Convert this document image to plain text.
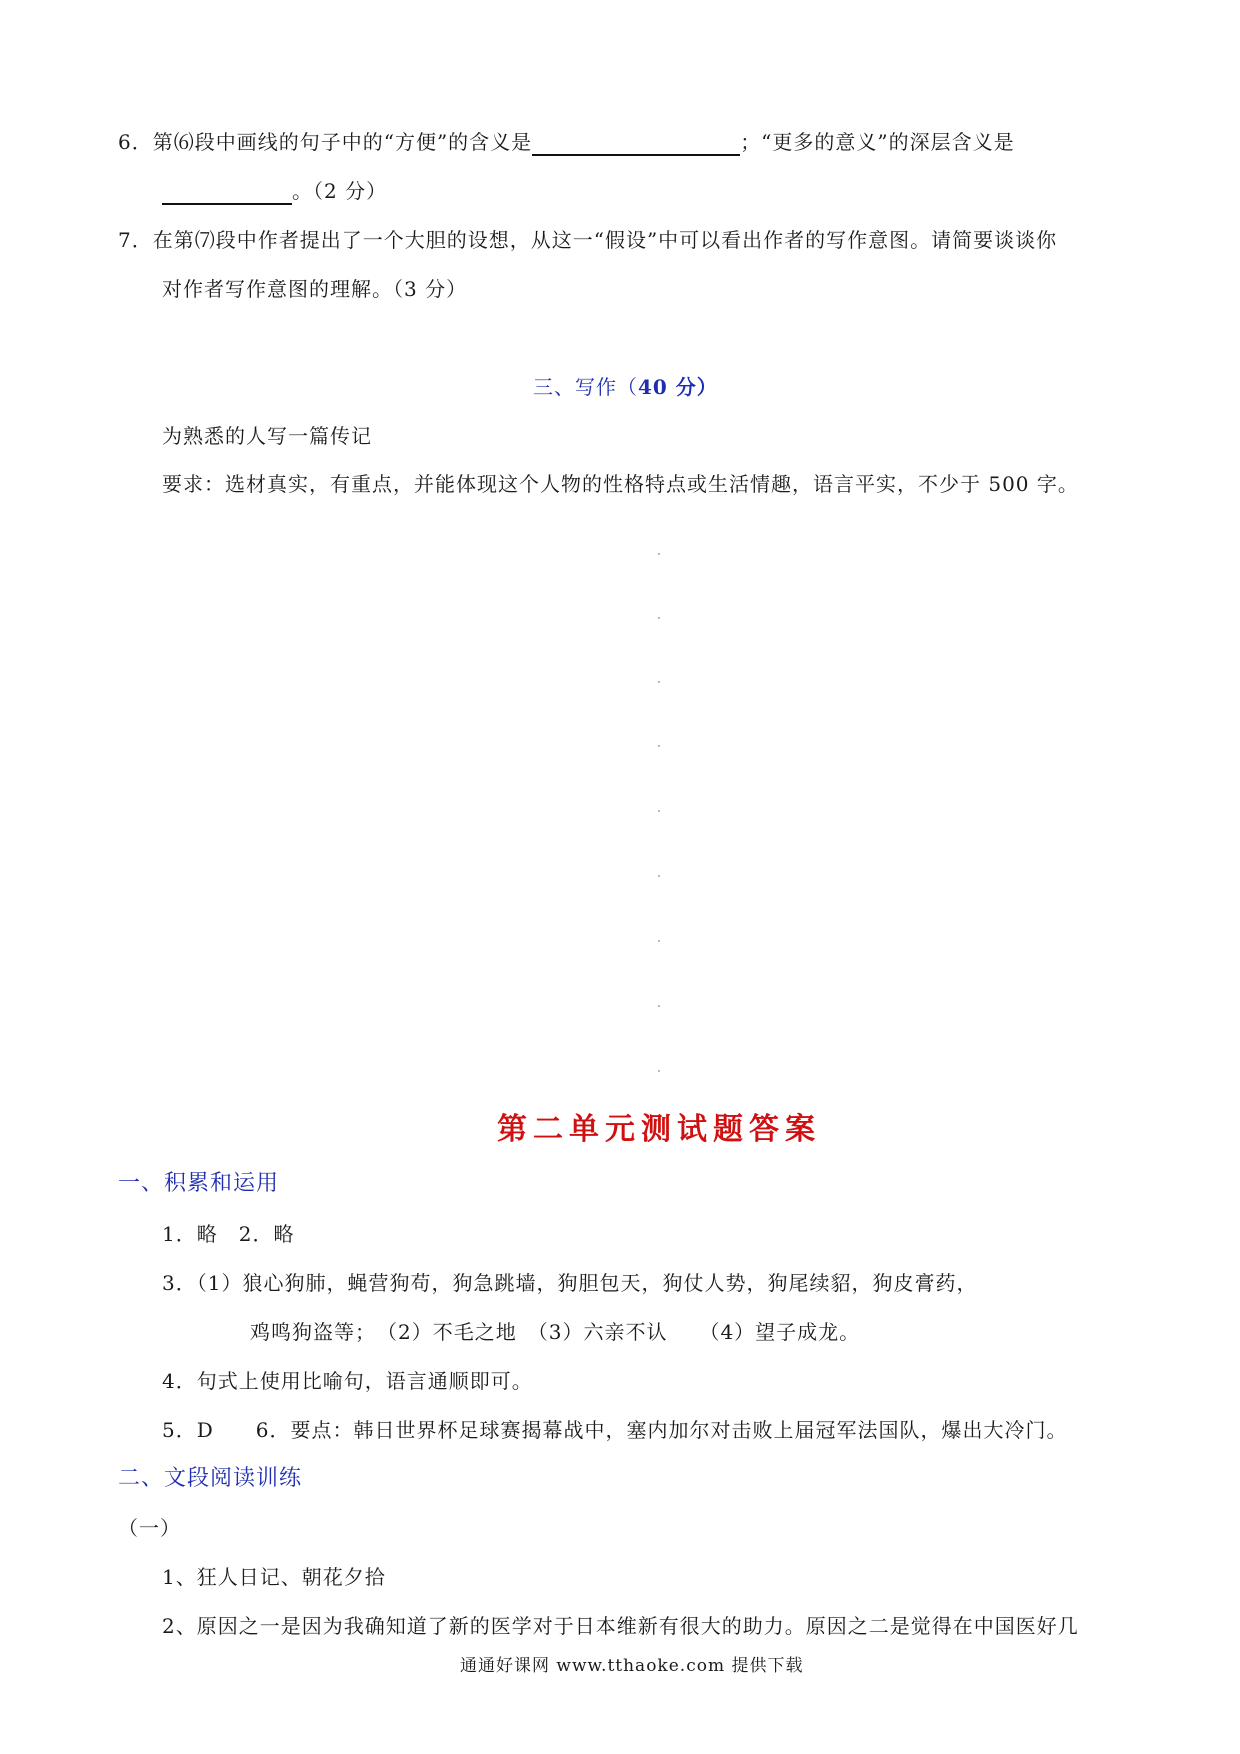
6．第⑹段中画线的句子中的“方便”的含义是	；“更多的意义”的深层含义是
。（2 分）
7．在第⑺段中作者提出了一个大胆的设想，从这一“假设”中可以看出作者的写作意图。请简要谈谈你
对作者写作意图的理解。（3 分）
三、写作（40 分）
为熟悉的人写一篇传记
要求：选材真实，有重点，并能体现这个人物的性格特点或生活情趣，语言平实，不少于 500 字。
第二单元测试题答案
一、积累和运用
1．略　2．略
3．（1）狼心狗肺，蝇营狗苟，狗急跳墙，狗胆包天，狗仗人势，狗尾续貂，狗皮膏药，
鸡鸣狗盗等；　（2）不毛之地　（3）六亲不认　　（4）望子成龙。
4．句式上使用比喻句，语言通顺即可。
5．D　　6．要点：韩日世界杯足球赛揭幕战中，塞内加尔对击败上届冠军法国队，爆出大冷门。
二、文段阅读训练
（一）
1、狂人日记、朝花夕拾
2、原因之一是因为我确知道了新的医学对于日本维新有很大的助力。原因之二是觉得在中国医好几
通通好课网 www.tthaoke.com 提供下载
